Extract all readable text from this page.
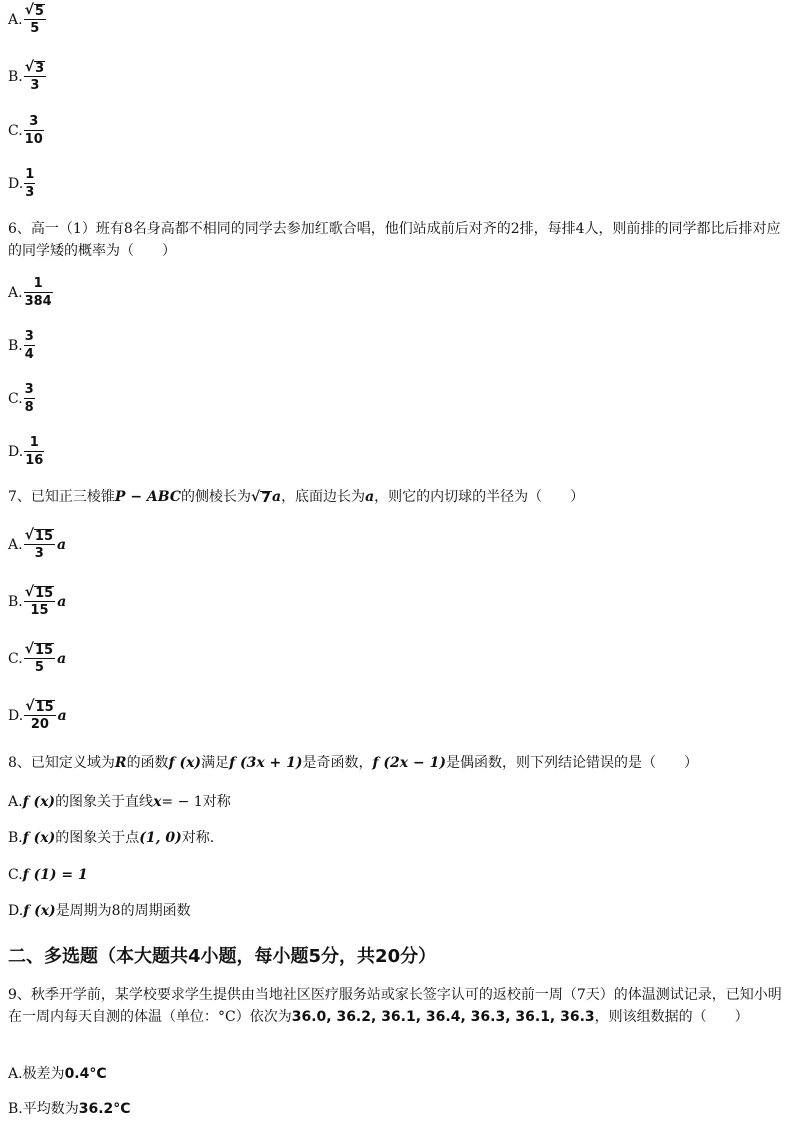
A. $\frac{√ 5}{5}$
B. $\frac{√ 3}{3}$
C. $\frac{3}{10}$
D. $\frac{1}{3}$
6、高一（1）班有8名身高都不相同的同学去参加红歌合唱，他们站成前后对齐的2排，每排4人，则前排的同学都比后排对应的同学矮的概率为（　　）
A. $\frac{1}{384}$
B. $\frac{3}{4}$
C. $\frac{3}{8}$
D. $\frac{1}{16}$
7、已知正三棱锥P − ABC的侧棱长为 √ 7 a，底面边长为a，则它的内切球的半径为（　　）
A. $\frac{√ 15}{3}$ a
B. $\frac{√ 15}{15}$ a
C. $\frac{√ 15}{5}$ a
D. $\frac{√ 15}{20}$ a
8、已知定义域为R的函数f (x)满足f (3x + 1)是奇函数，f (2x − 1)是偶函数，则下列结论错误的是（　　）
A.f (x)的图象关于直线x= − 1对称
B.f (x)的图象关于点(1, 0)对称.
C.f (1) = 1
D.f (x)是周期为8的周期函数
二、多选题（本大题共4小题，每小题5分，共20分）
9、秋季开学前，某学校要求学生提供由当地社区医疗服务站或家长签字认可的返校前一周（7天）的体温测试记录，已知小明在一周内每天自测的体温（单位：°C）依次为36.0, 36.2, 36.1, 36.4, 36.3, 36.1, 36.3，则该组数据的（　　）
A.极差为0.4°C
B.平均数为36.2°C
